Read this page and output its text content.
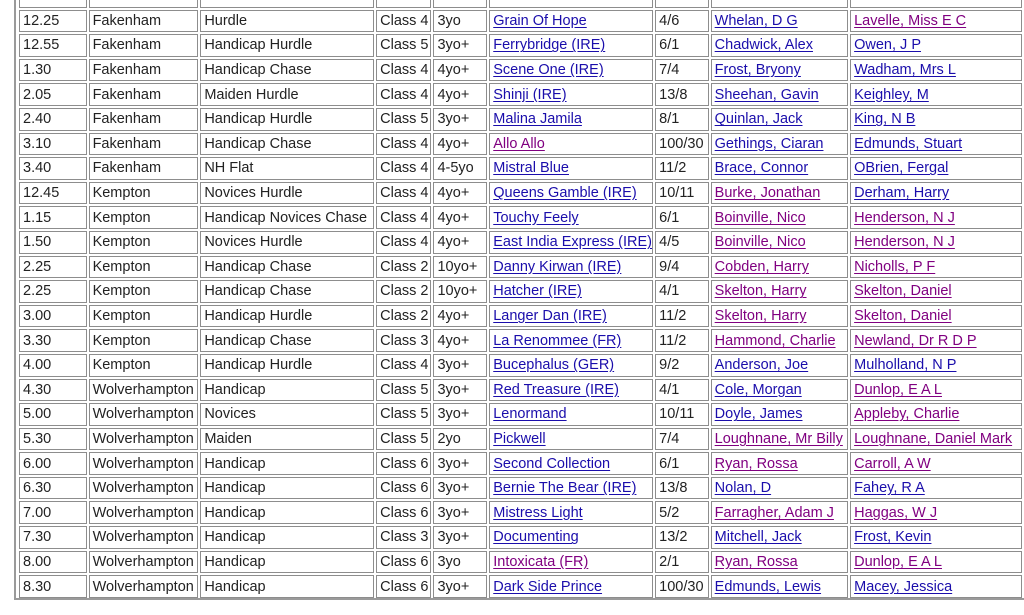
12.25	Fakenham	Hurdle	Class 4	3yo	Grain Of Hope	4/6	Whelan, D G	Lavelle, Miss E C
12.55	Fakenham	Handicap Hurdle	Class 5	3yo+	Ferrybridge (IRE)	6/1	Chadwick, Alex	Owen, J P
1.30	Fakenham	Handicap Chase	Class 4	4yo+	Scene One (IRE)	7/4	Frost, Bryony	Wadham, Mrs L
2.05	Fakenham	Maiden Hurdle	Class 4	4yo+	Shinji (IRE)	13/8	Sheehan, Gavin	Keighley, M
2.40	Fakenham	Handicap Hurdle	Class 5	3yo+	Malina Jamila	8/1	Quinlan, Jack	King, N B
3.10	Fakenham	Handicap Chase	Class 4	4yo+	Allo Allo	100/30	Gethings, Ciaran	Edmunds, Stuart
3.40	Fakenham	NH Flat	Class 4	4-5yo	Mistral Blue	11/2	Brace, Connor	OBrien, Fergal
12.45	Kempton	Novices Hurdle	Class 4	4yo+	Queens Gamble (IRE)	10/11	Burke, Jonathan	Derham, Harry
1.15	Kempton	Handicap Novices Chase	Class 4	4yo+	Touchy Feely	6/1	Boinville, Nico	Henderson, N J
1.50	Kempton	Novices Hurdle	Class 4	4yo+	East India Express (IRE)	4/5	Boinville, Nico	Henderson, N J
2.25	Kempton	Handicap Chase	Class 2	10yo+	Danny Kirwan (IRE)	9/4	Cobden, Harry	Nicholls, P F
2.25	Kempton	Handicap Chase	Class 2	10yo+	Hatcher (IRE)	4/1	Skelton, Harry	Skelton, Daniel
3.00	Kempton	Handicap Hurdle	Class 2	4yo+	Langer Dan (IRE)	11/2	Skelton, Harry	Skelton, Daniel
3.30	Kempton	Handicap Chase	Class 3	4yo+	La Renommee (FR)	11/2	Hammond, Charlie	Newland, Dr R D P
4.00	Kempton	Handicap Hurdle	Class 4	3yo+	Bucephalus (GER)	9/2	Anderson, Joe	Mulholland, N P
4.30	Wolverhampton	Handicap	Class 5	3yo+	Red Treasure (IRE)	4/1	Cole, Morgan	Dunlop, E A L
5.00	Wolverhampton	Novices	Class 5	3yo+	Lenormand	10/11	Doyle, James	Appleby, Charlie
5.30	Wolverhampton	Maiden	Class 5	2yo	Pickwell	7/4	Loughnane, Mr Billy	Loughnane, Daniel Mark
6.00	Wolverhampton	Handicap	Class 6	3yo+	Second Collection	6/1	Ryan, Rossa	Carroll, A W
6.30	Wolverhampton	Handicap	Class 6	3yo+	Bernie The Bear (IRE)	13/8	Nolan, D	Fahey, R A
7.00	Wolverhampton	Handicap	Class 6	3yo+	Mistress Light	5/2	Farragher, Adam J	Haggas, W J
7.30	Wolverhampton	Handicap	Class 3	3yo+	Documenting	13/2	Mitchell, Jack	Frost, Kevin
8.00	Wolverhampton	Handicap	Class 6	3yo	Intoxicata (FR)	2/1	Ryan, Rossa	Dunlop, E A L
8.30	Wolverhampton	Handicap	Class 6	3yo+	Dark Side Prince	100/30	Edmunds, Lewis	Macey, Jessica
